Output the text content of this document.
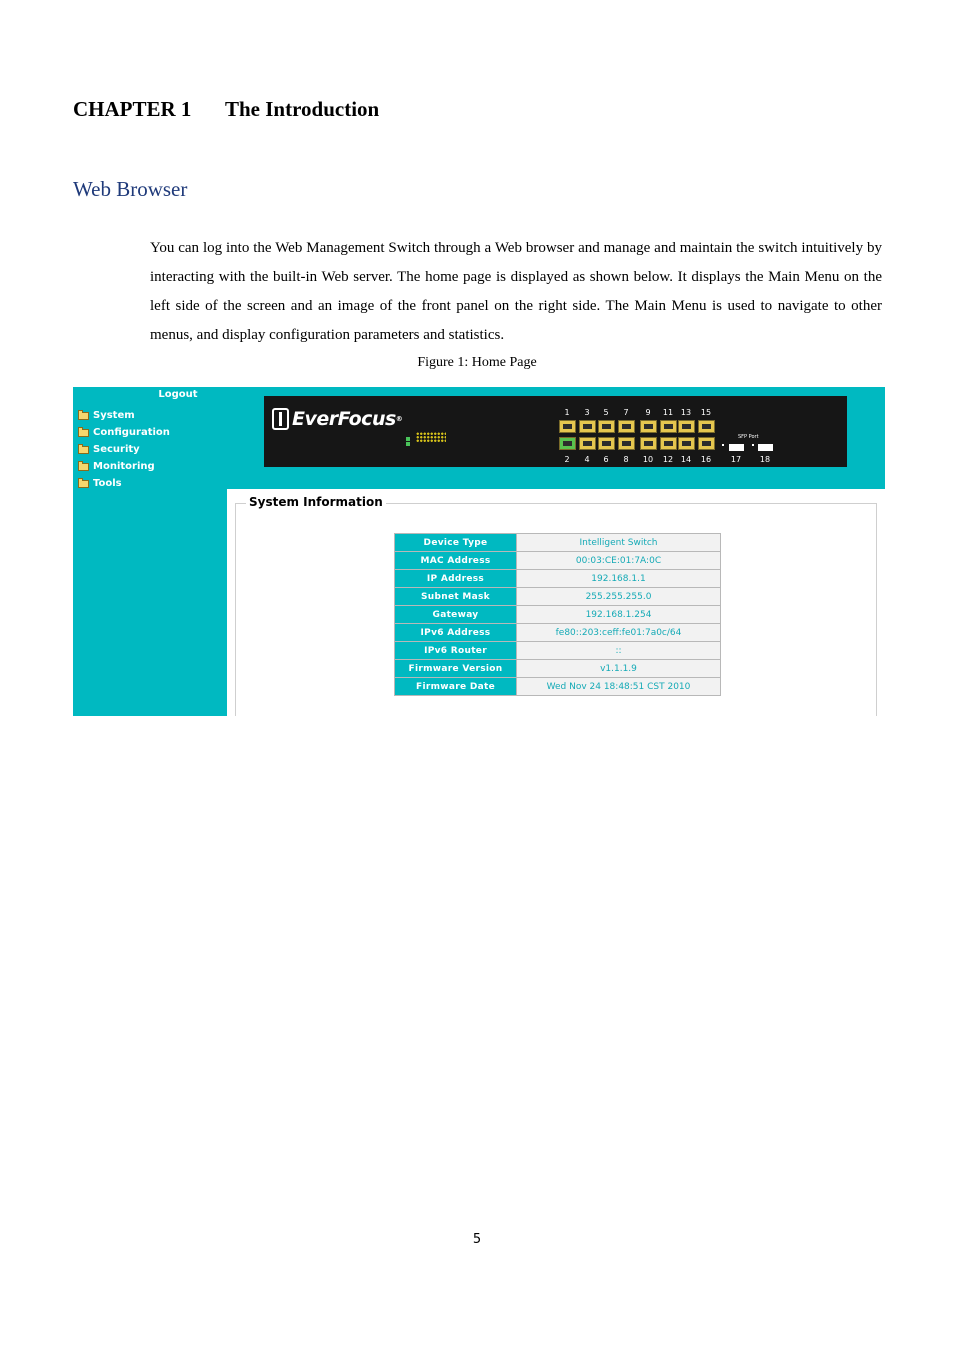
CHAPTER 1 The Introduction
Web Browser

You can log into the Web Management Switch through a Web browser and manage and maintain the switch intuitively by interacting with the built-in Web server. The home page is displayed as shown below. It displays the Main Menu on the left side of the screen and an image of the front panel on the right side. The Main Menu is used to navigate to other menus, and display configuration parameters and statistics.

Figure 1: Home Page
Logout
System
Configuration
Security
Monitoring
Tools
EverFocus ®
1	3	5	7	9	11 13	15
2	4	6	8	10	12 14	16
SFP Port
17	18
System Information
Device Type	Intelligent Switch
MAC Address	00:03:CE:01:7A:0C
IP Address	192.168.1.1
Subnet Mask	255.255.255.0
Gateway	192.168.1.254
IPv6 Address	fe80::203:ceff:fe01:7a0c/64
IPv6 Router	::
Firmware Version	v1.1.1.9
Firmware Date	Wed Nov 24 18:48:51 CST 2010
5
